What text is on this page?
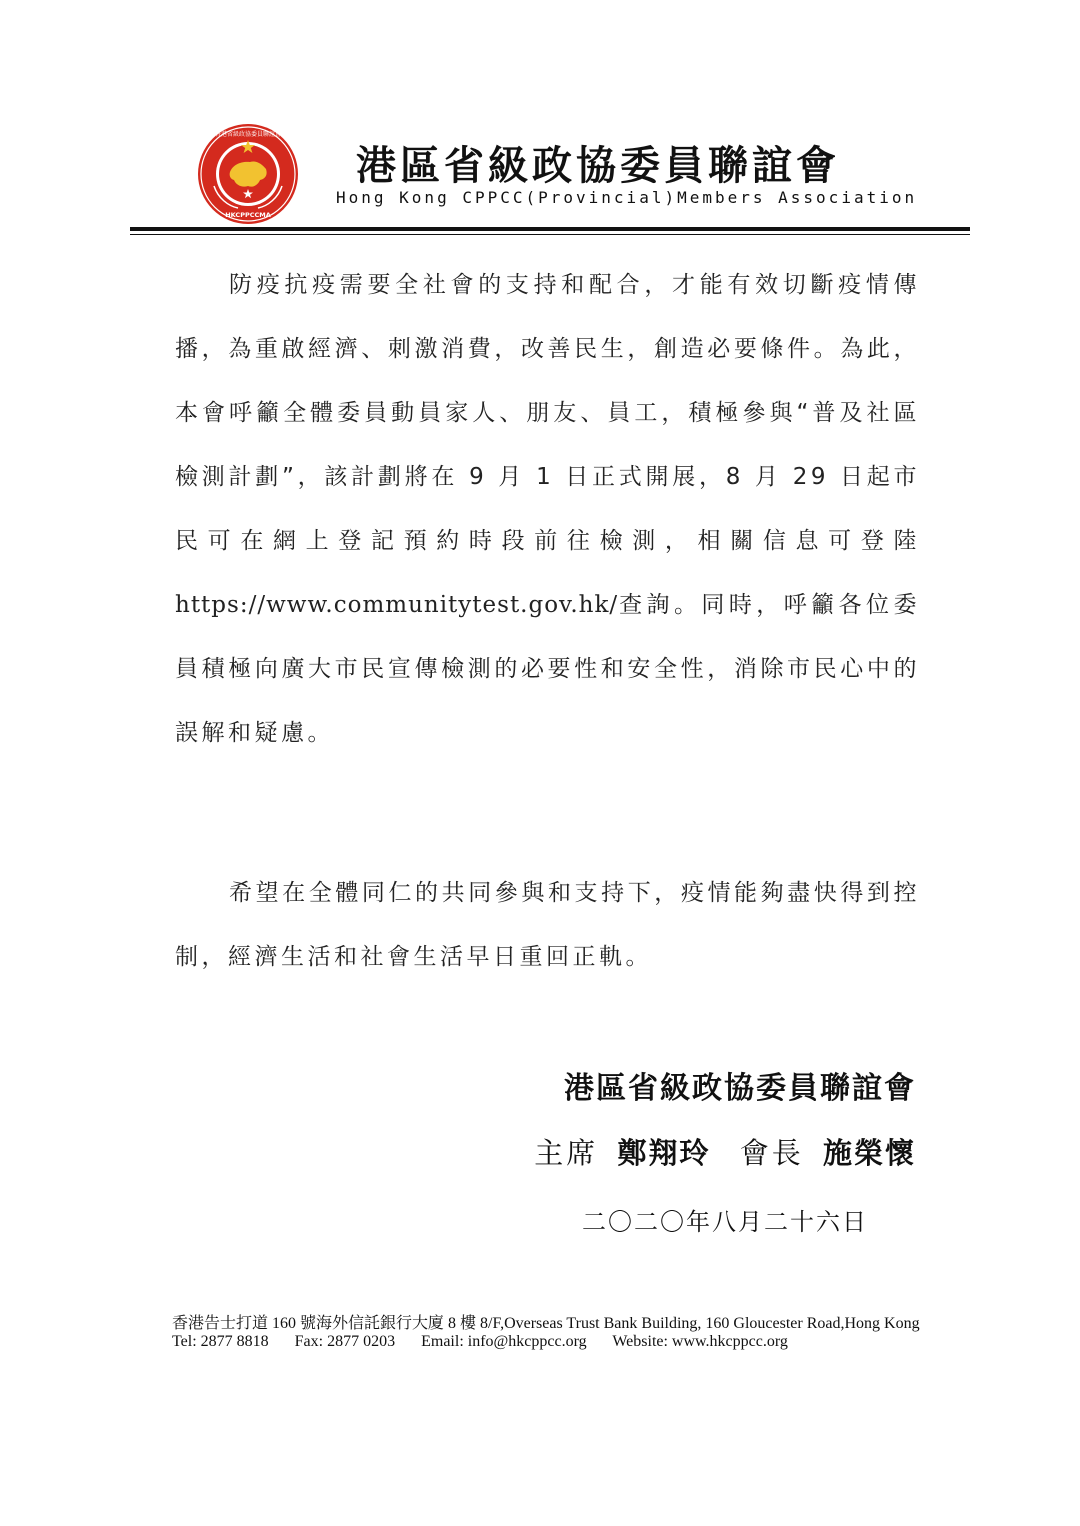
香港省級政協委員聯誼會
HKCPPCCMA
港區省級政協委員聯誼會
Hong Kong CPPCC(Provincial)Members Association

防疫抗疫需要全社會的支持和配合，才能有效切斷疫情傳播，為重啟經濟、刺激消費，改善民生，創造必要條件。為此，本會呼籲全體委員動員家人、朋友、員工，積極參與“普及社區檢測計劃”，該計劃將在 9 月 1 日正式開展，8 月 29 日起市民可在網上登記預約時段前往檢測，相關信息可登陸https://www.communitytest.gov.hk/查詢。同時，呼籲各位委員積極向廣大市民宣傳檢測的必要性和安全性，消除市民心中的誤解和疑慮。

希望在全體同仁的共同參與和支持下，疫情能夠盡快得到控制，經濟生活和社會生活早日重回正軌。

港區省級政協委員聯誼會
主席 鄭翔玲 會長 施榮懷
二〇二〇年八月二十六日
香港告士打道 160 號海外信託銀行大廈 8 樓 8/F,Overseas Trust Bank Building, 160 Gloucester Road,Hong Kong
Tel: 2877 8818 Fax: 2877 0203 Email: info@hkcppcc.org Website: www.hkcppcc.org
